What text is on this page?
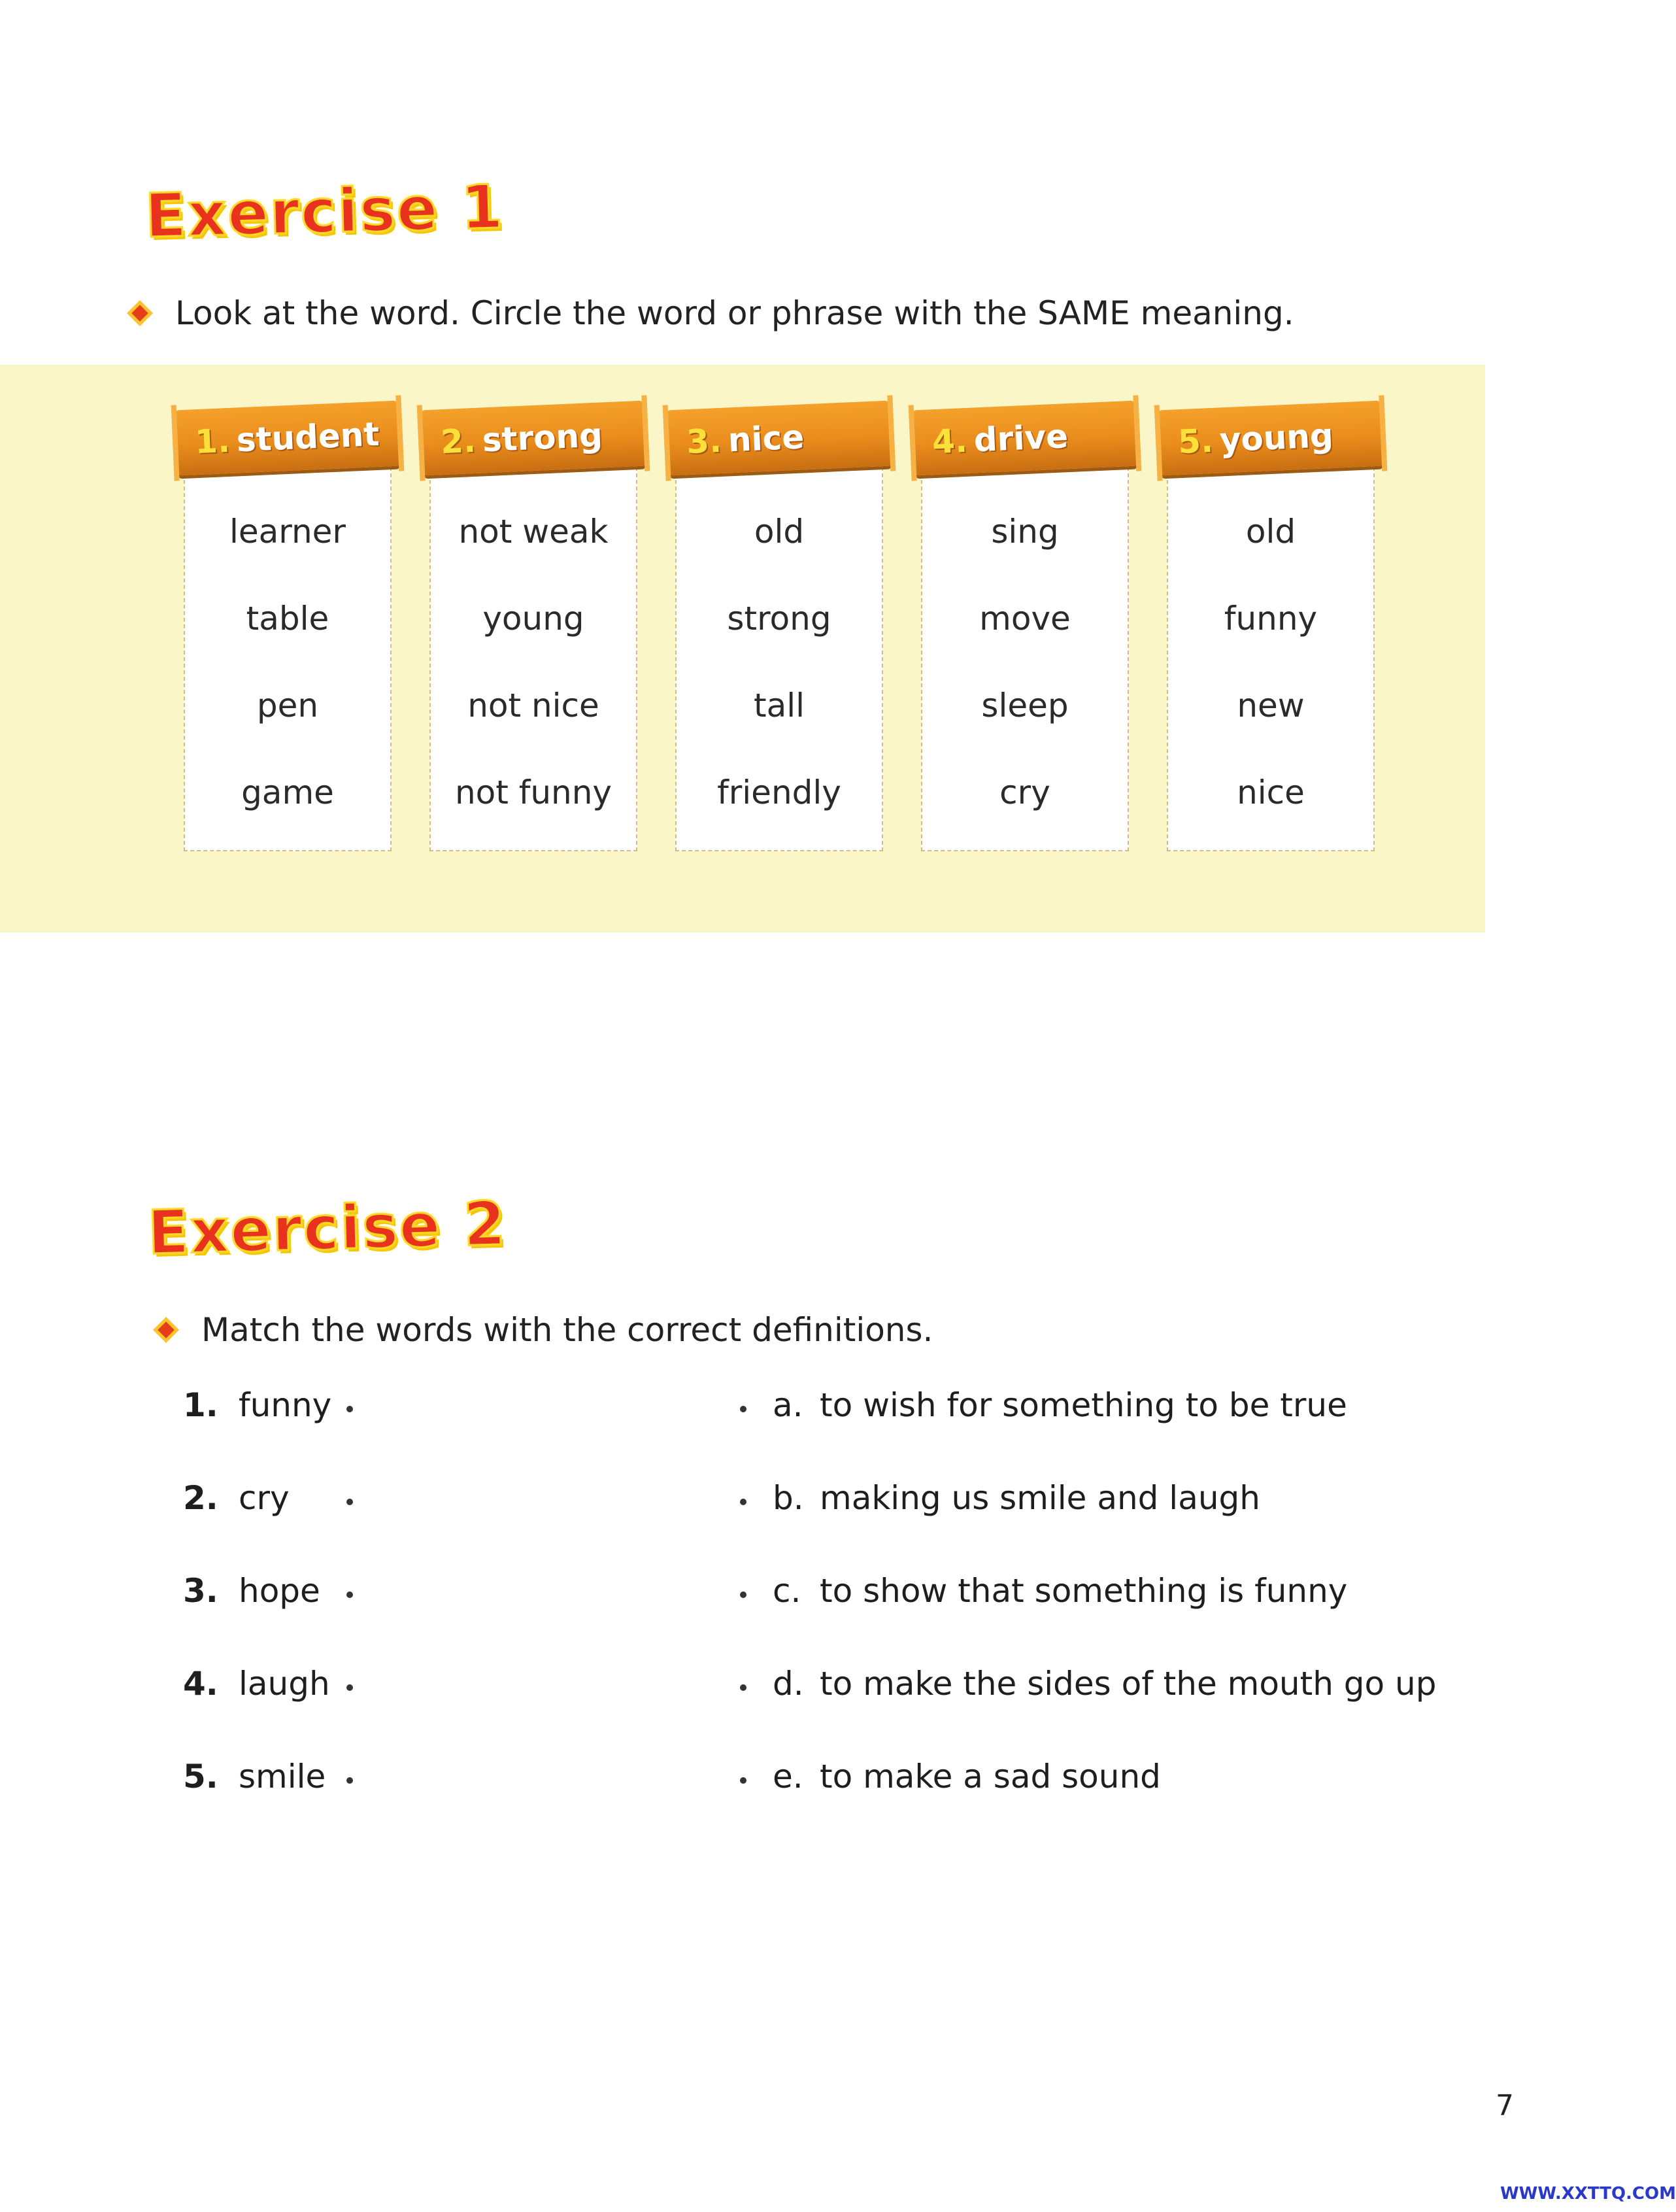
Exercise 1
Look at the word. Circle the word or phrase with the SAME meaning.
1. student
learner
table
pen
game
2. strong
not weak
young
not nice
not funny
3. nice
old
strong
tall
friendly
4. drive
sing
move
sleep
cry
5. young
old
funny
new
nice
Exercise 2
Match the words with the correct definitions.
1. funny
2. cry
3. hope
4. laugh
5. smile
a. to wish for something to be true
b. making us smile and laugh
c. to show that something is funny
d. to make the sides of the mouth go up
e. to make a sad sound
7
WWW.XXTTQ.COM
